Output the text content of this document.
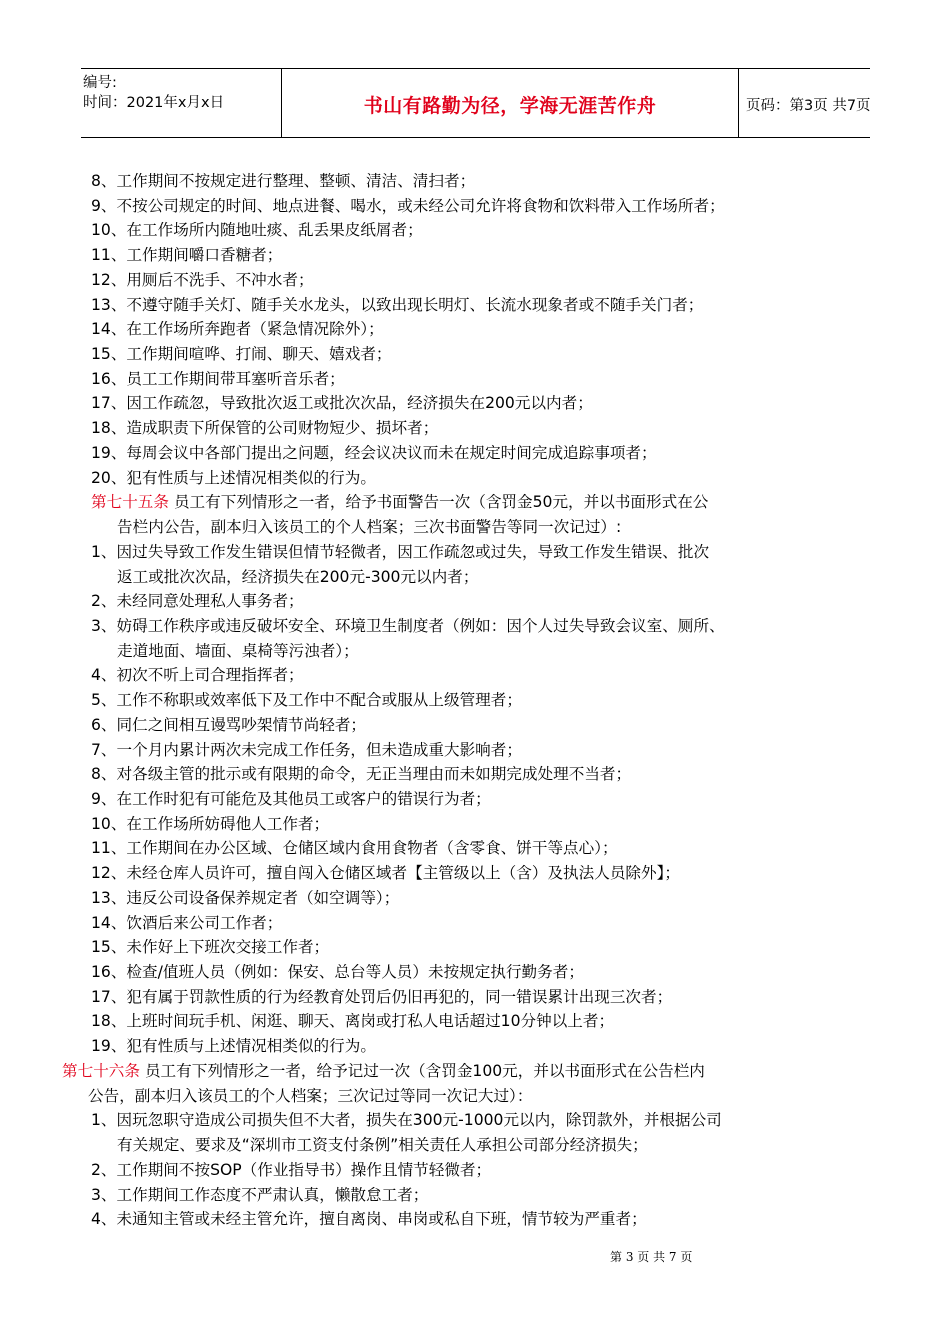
编号:
时间：2021年x月x日	书山有路勤为径，学海无涯苦作舟	页码：第3页 共7页
8、工作期间不按规定进行整理、整顿、清洁、清扫者；
9、不按公司规定的时间、地点进餐、喝水，或未经公司允许将食物和饮料带入工作场所者；
10、在工作场所内随地吐痰、乱丢果皮纸屑者；
11、工作期间嚼口香糖者；
12、用厕后不洗手、不冲水者；
13、不遵守随手关灯、随手关水龙头，以致出现长明灯、长流水现象者或不随手关门者；
14、在工作场所奔跑者（紧急情况除外）；
15、工作期间喧哗、打闹、聊天、嬉戏者；
16、员工工作期间带耳塞听音乐者；
17、因工作疏忽，导致批次返工或批次次品，经济损失在200元以内者；
18、造成职责下所保管的公司财物短少、损坏者；
19、每周会议中各部门提出之问题，经会议决议而未在规定时间完成追踪事项者；
20、犯有性质与上述情况相类似的行为。
第七十五条 员工有下列情形之一者，给予书面警告一次（含罚金50元，并以书面形式在公
告栏内公告，副本归入该员工的个人档案；三次书面警告等同一次记过）:
1、因过失导致工作发生错误但情节轻微者，因工作疏忽或过失，导致工作发生错误、批次
返工或批次次品，经济损失在200元-300元以内者；
2、未经同意处理私人事务者；
3、妨碍工作秩序或违反破坏安全、环境卫生制度者（例如：因个人过失导致会议室、厕所、
走道地面、墙面、桌椅等污浊者）；
4、初次不听上司合理指挥者；
5、工作不称职或效率低下及工作中不配合或服从上级管理者；
6、同仁之间相互谩骂吵架情节尚轻者；
7、一个月内累计两次未完成工作任务，但未造成重大影响者；
8、对各级主管的批示或有限期的命令，无正当理由而未如期完成处理不当者；
9、在工作时犯有可能危及其他员工或客户的错误行为者；
10、在工作场所妨碍他人工作者；
11、工作期间在办公区域、仓储区域内食用食物者（含零食、饼干等点心）；
12、未经仓库人员许可，擅自闯入仓储区域者【主管级以上（含）及执法人员除外】；
13、违反公司设备保养规定者（如空调等）；
14、饮酒后来公司工作者；
15、未作好上下班次交接工作者；
16、检查/值班人员（例如：保安、总台等人员）未按规定执行勤务者；
17、犯有属于罚款性质的行为经教育处罚后仍旧再犯的，同一错误累计出现三次者；
18、上班时间玩手机、闲逛、聊天、离岗或打私人电话超过10分钟以上者；
19、犯有性质与上述情况相类似的行为。
第七十六条 员工有下列情形之一者，给予记过一次（含罚金100元，并以书面形式在公告栏内
公告，副本归入该员工的个人档案；三次记过等同一次记大过）：
1、因玩忽职守造成公司损失但不大者，损失在300元-1000元以内，除罚款外，并根据公司
有关规定、要求及“深圳市工资支付条例”相关责任人承担公司部分经济损失；
2、工作期间不按SOP（作业指导书）操作且情节轻微者；
3、工作期间工作态度不严肃认真，懒散怠工者；
4、未通知主管或未经主管允许，擅自离岗、串岗或私自下班，情节较为严重者；
第 3 页 共 7 页
